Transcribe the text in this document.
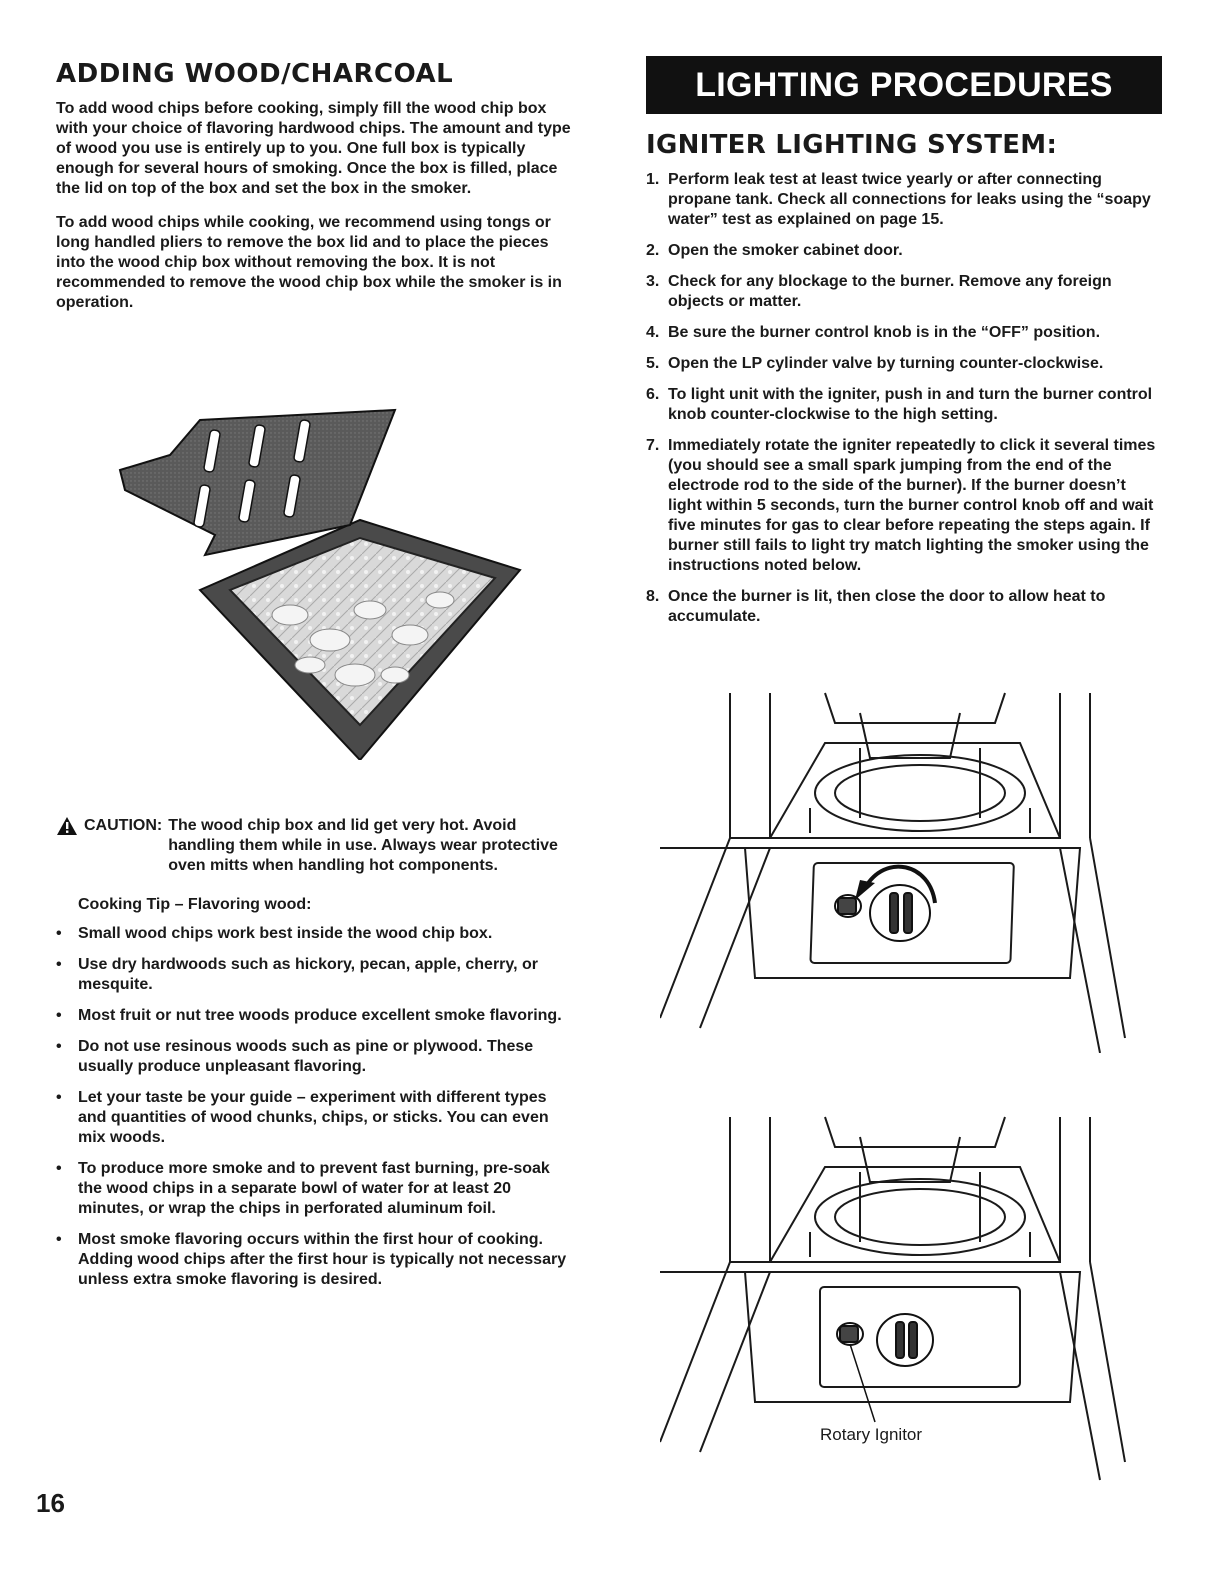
ADDING WOOD/CHARCOAL

To add wood chips before cooking, simply fill the wood chip box with your choice of flavoring hardwood chips. The amount and type of wood you use is entirely up to you. One full box is typically enough for several hours of smoking. Once the box is filled, place the lid on top of the box and set the box in the smoker.

To add wood chips while cooking, we recommend using tongs or long handled pliers to remove the box lid and to place the pieces into the wood chip box without removing the box. It is not recommended to remove the wood chip box while the smoker is in operation.

CAUTION: The wood chip box and lid get very hot. Avoid handling them while in use. Always wear protective oven mitts when handling hot components.
Cooking Tip – Flavoring wood:
•	Small wood chips work best inside the wood chip box.
•	Use dry hardwoods such as hickory, pecan, apple, cherry, or mesquite.
•	Most fruit or nut tree woods produce excellent smoke flavoring.
•	Do not use resinous woods such as pine or plywood. These usually produce unpleasant flavoring.
•	Let your taste be your guide – experiment with different types and quantities of wood chunks, chips, or sticks. You can even mix woods.
•	To produce more smoke and to prevent fast burning, pre-soak the wood chips in a separate bowl of water for at least 20 minutes, or wrap the chips in perforated aluminum foil.
•	Most smoke flavoring occurs within the first hour of cooking. Adding wood chips after the first hour is typically not necessary unless extra smoke flavoring is desired.
LIGHTING PROCEDURES
IGNITER LIGHTING SYSTEM:
1. Perform leak test at least twice yearly or after connecting propane tank. Check all connections for leaks using the “soapy water” test as explained on page 15.
2. Open the smoker cabinet door.
3. Check for any blockage to the burner. Remove any foreign objects or matter.
4. Be sure the burner control knob is in the “OFF” position.
5. Open the LP cylinder valve by turning counter-clockwise.
6. To light unit with the igniter, push in and turn the burner control knob counter-clockwise to the high setting.
7. Immediately rotate the igniter repeatedly to click it several times (you should see a small spark jumping from the end of the electrode rod to the side of the burner). If the burner doesn’t light within 5 seconds, turn the burner control knob off and wait five minutes for gas to clear before repeating the steps again. If burner still fails to light try match lighting the smoker using the instructions noted below.
8. Once the burner is lit, then close the door to allow heat to accumulate.
Rotary Ignitor
16
